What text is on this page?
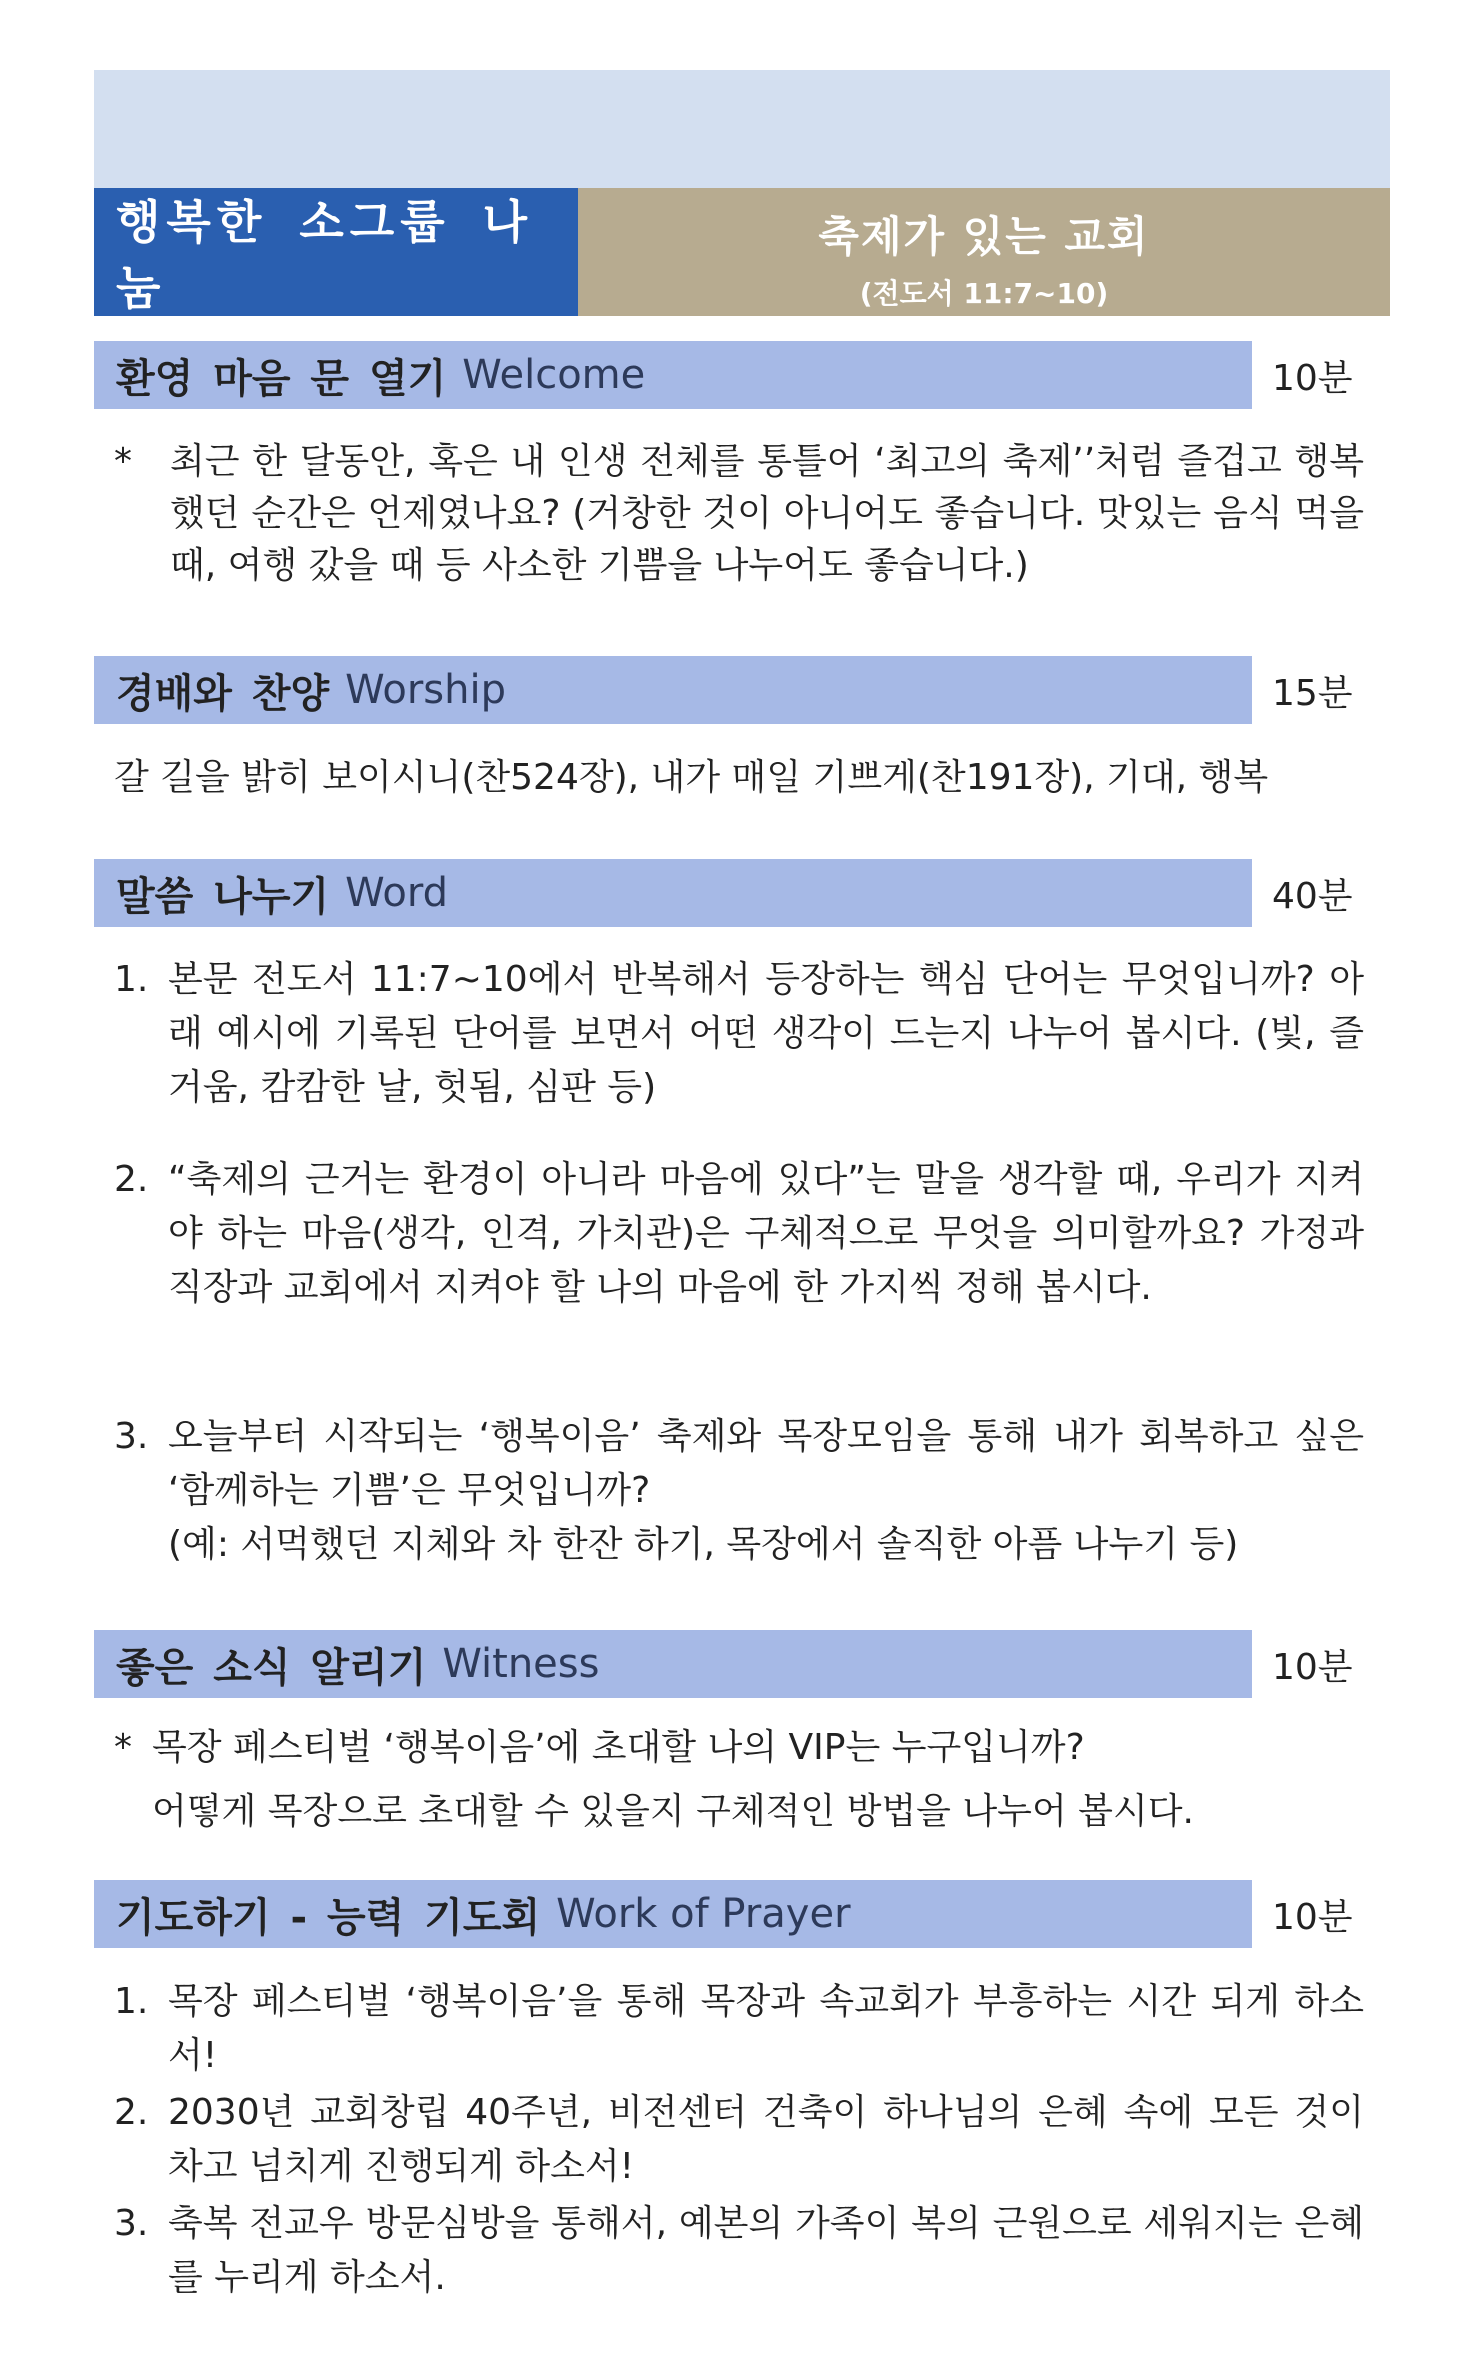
행복한 소그룹 나눔
축제가 있는 교회
(전도서 11:7~10)
환영 마음 문 열기 Welcome	10분
*	최근 한 달동안, 혹은 내 인생 전체를 통틀어 ‘최고의 축제’’처럼 즐겁고 행복했던 순간은 언제였나요? (거창한 것이 아니어도 좋습니다. 맛있는 음식 먹을 때, 여행 갔을 때 등 사소한 기쁨을 나누어도 좋습니다.)
경배와 찬양 Worship	15분
갈 길을 밝히 보이시니(찬524장), 내가 매일 기쁘게(찬191장), 기대, 행복
말씀 나누기 Word	40분
1. 본문 전도서 11:7~10에서 반복해서 등장하는 핵심 단어는 무엇입니까? 아래 예시에 기록된 단어를 보면서 어떤 생각이 드는지 나누어 봅시다. (빛, 즐거움, 캄캄한 날, 헛됨, 심판 등)
2. “축제의 근거는 환경이 아니라 마음에 있다”는 말을 생각할 때, 우리가 지켜야 하는 마음(생각, 인격, 가치관)은 구체적으로 무엇을 의미할까요? 가정과 직장과 교회에서 지켜야 할 나의 마음에 한 가지씩 정해 봅시다.
3. 오늘부터 시작되는 ‘행복이음’ 축제와 목장모임을 통해 내가 회복하고 싶은 ‘함께하는 기쁨’은 무엇입니까?
(예: 서먹했던 지체와 차 한잔 하기, 목장에서 솔직한 아픔 나누기 등)
좋은 소식 알리기 Witness	10분
* 목장 페스티벌 ‘행복이음’에 초대할 나의 VIP는 누구입니까?
어떻게 목장으로 초대할 수 있을지 구체적인 방법을 나누어 봅시다.
기도하기 - 능력 기도회 Work of Prayer	10분
1. 목장 페스티벌 ‘행복이음’을 통해 목장과 속교회가 부흥하는 시간 되게 하소서!
2. 2030년 교회창립 40주년, 비전센터 건축이 하나님의 은혜 속에 모든 것이 차고 넘치게 진행되게 하소서!
3. 축복 전교우 방문심방을 통해서, 예본의 가족이 복의 근원으로 세워지는 은혜를 누리게 하소서.
